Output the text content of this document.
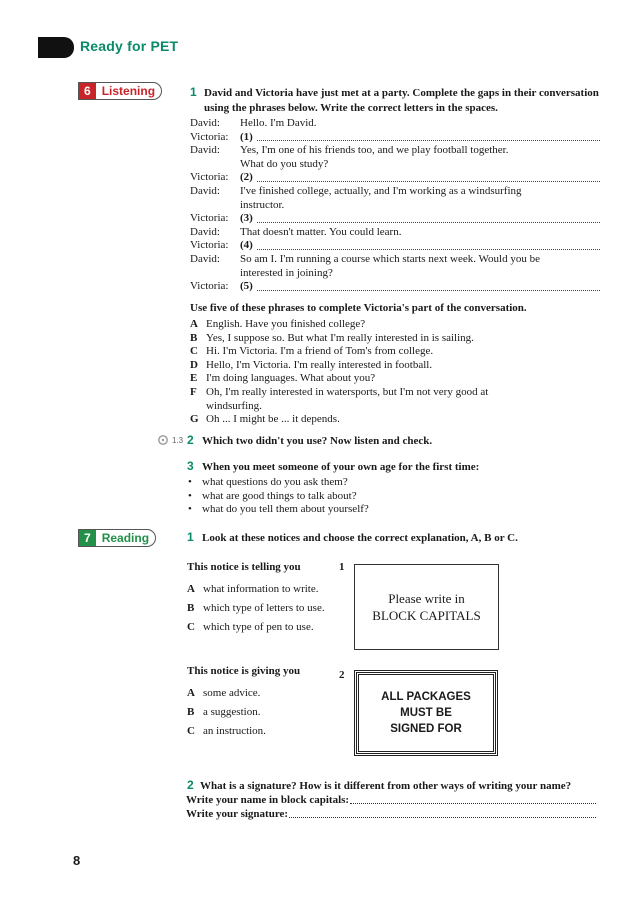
Ready for PET
6 Listening	1 David and Victoria have just met at a party. Complete the gaps in their conversation using the phrases below. Write the correct letters in the spaces.
David: Hello. I'm David.
Victoria: (1)
David: Yes, I'm one of his friends too, and we play football together.
What do you study?
Victoria: (2)
David: I've finished college, actually, and I'm working as a windsurfing
instructor.
Victoria: (3)
David: That doesn't matter. You could learn.
Victoria: (4)
David: So am I. I'm running a course which starts next week. Would you be
interested in joining?
Victoria: (5)
Use five of these phrases to complete Victoria's part of the conversation.
A English. Have you finished college?
B Yes, I suppose so. But what I'm really interested in is sailing.
C Hi. I'm Victoria. I'm a friend of Tom's from college.
D Hello, I'm Victoria. I'm really interested in football.
E I'm doing languages. What about you?
F Oh, I'm really interested in watersports, but I'm not very good at
windsurfing.
G Oh ... I might be ... it depends.
1.3 2 Which two didn't you use? Now listen and check.
3 When you meet someone of your own age for the first time:
• what questions do you ask them?
• what are good things to talk about?
• what do you tell them about yourself?
7 Reading	1 Look at these notices and choose the correct explanation, A, B or C.
This notice is telling you	1
A what information to write.
B which type of letters to use.
C which type of pen to use.
Please write in
BLOCK CAPITALS
This notice is giving you	2
A some advice.
B a suggestion.
C an instruction.
ALL PACKAGES
MUST BE
SIGNED FOR
2 What is a signature? How is it different from other ways of writing your name?
Write your name in block capitals:
Write your signature:
8
